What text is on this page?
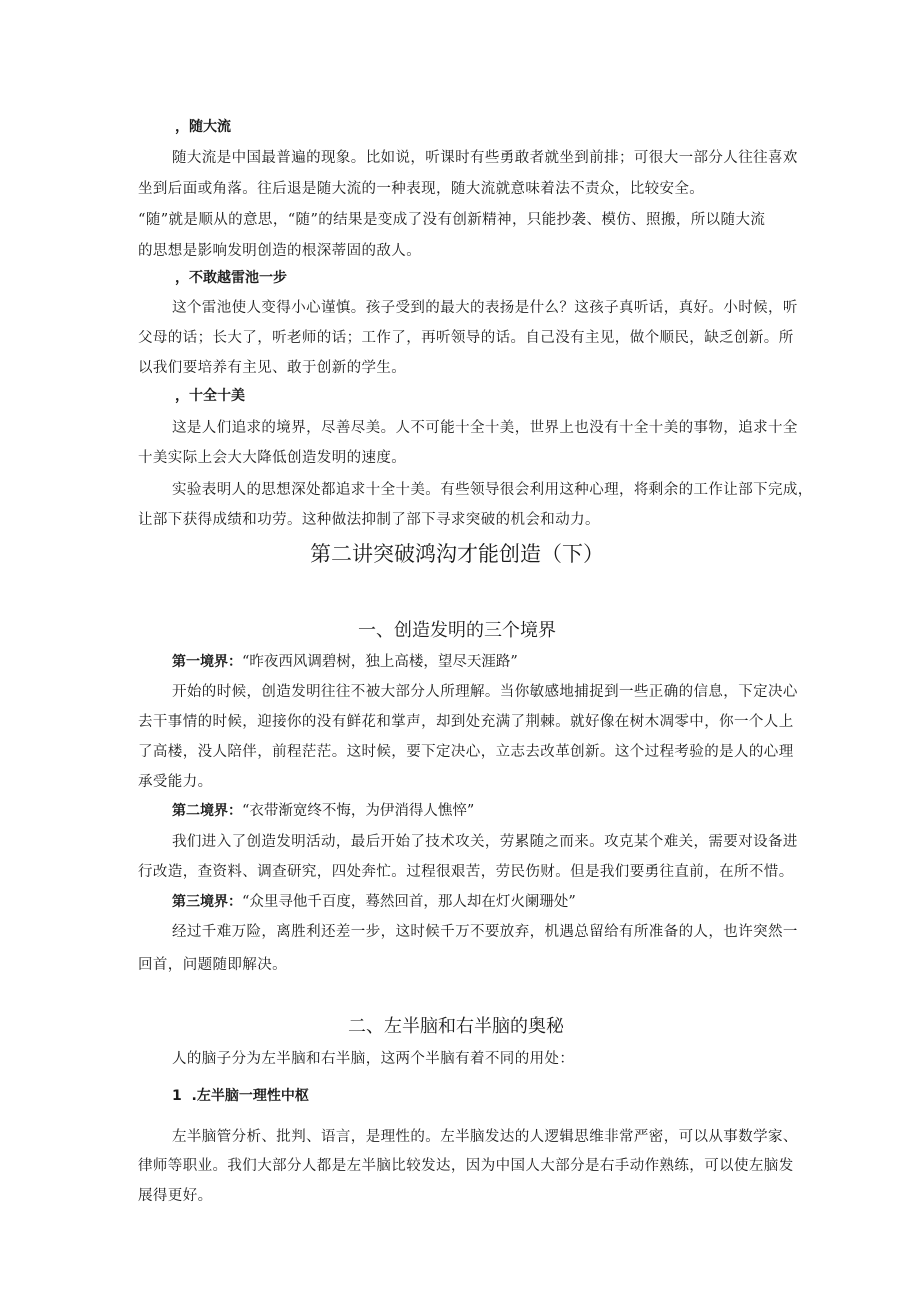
，随大流
随大流是中国最普遍的现象。比如说，听课时有些勇敢者就坐到前排；可很大一部分人往往喜欢
坐到后面或角落。往后退是随大流的一种表现，随大流就意味着法不责众，比较安全。
“随”就是顺从的意思，“随”的结果是变成了没有创新精神，只能抄袭、模仿、照搬，所以随大流
的思想是影响发明创造的根深蒂固的敌人。
，不敢越雷池一步
这个雷池使人变得小心谨慎。孩子受到的最大的表扬是什么？这孩子真听话，真好。小时候，听
父母的话；长大了，听老师的话；工作了，再听领导的话。自己没有主见，做个顺民，缺乏创新。所
以我们要培养有主见、敢于创新的学生。
，十全十美
这是人们追求的境界，尽善尽美。人不可能十全十美，世界上也没有十全十美的事物，追求十全
十美实际上会大大降低创造发明的速度。
实验表明人的思想深处都追求十全十美。有些领导很会利用这种心理，将剩余的工作让部下完成，
让部下获得成绩和功劳。这种做法抑制了部下寻求突破的机会和动力。
第二讲突破鸿沟才能创造（下）
一、创造发明的三个境界
第一境界：“昨夜西风调碧树，独上高楼，望尽天涯路”
开始的时候，创造发明往往不被大部分人所理解。当你敏感地捕捉到一些正确的信息，下定决心
去干事情的时候，迎接你的没有鲜花和掌声，却到处充满了荆棘。就好像在树木凋零中，你一个人上
了高楼，没人陪伴，前程茫茫。这时候，要下定决心，立志去改革创新。这个过程考验的是人的心理
承受能力。
第二境界：“衣带渐宽终不悔，为伊消得人憔悴”
我们进入了创造发明活动，最后开始了技术攻关，劳累随之而来。攻克某个难关，需要对设备进
行改造，查资料、调查研究，四处奔忙。过程很艰苦，劳民伤财。但是我们要勇往直前，在所不惜。
第三境界：“众里寻他千百度，蓦然回首，那人却在灯火阑珊处”
经过千难万险，离胜利还差一步，这时候千万不要放弃，机遇总留给有所准备的人，也许突然一
回首，问题随即解决。
二、左半脑和右半脑的奥秘
人的脑子分为左半脑和右半脑，这两个半脑有着不同的用处：
1 .左半脑一理性中枢
左半脑管分析、批判、语言，是理性的。左半脑发达的人逻辑思维非常严密，可以从事数学家、
律师等职业。我们大部分人都是左半脑比较发达，因为中国人大部分是右手动作熟练，可以使左脑发
展得更好。
